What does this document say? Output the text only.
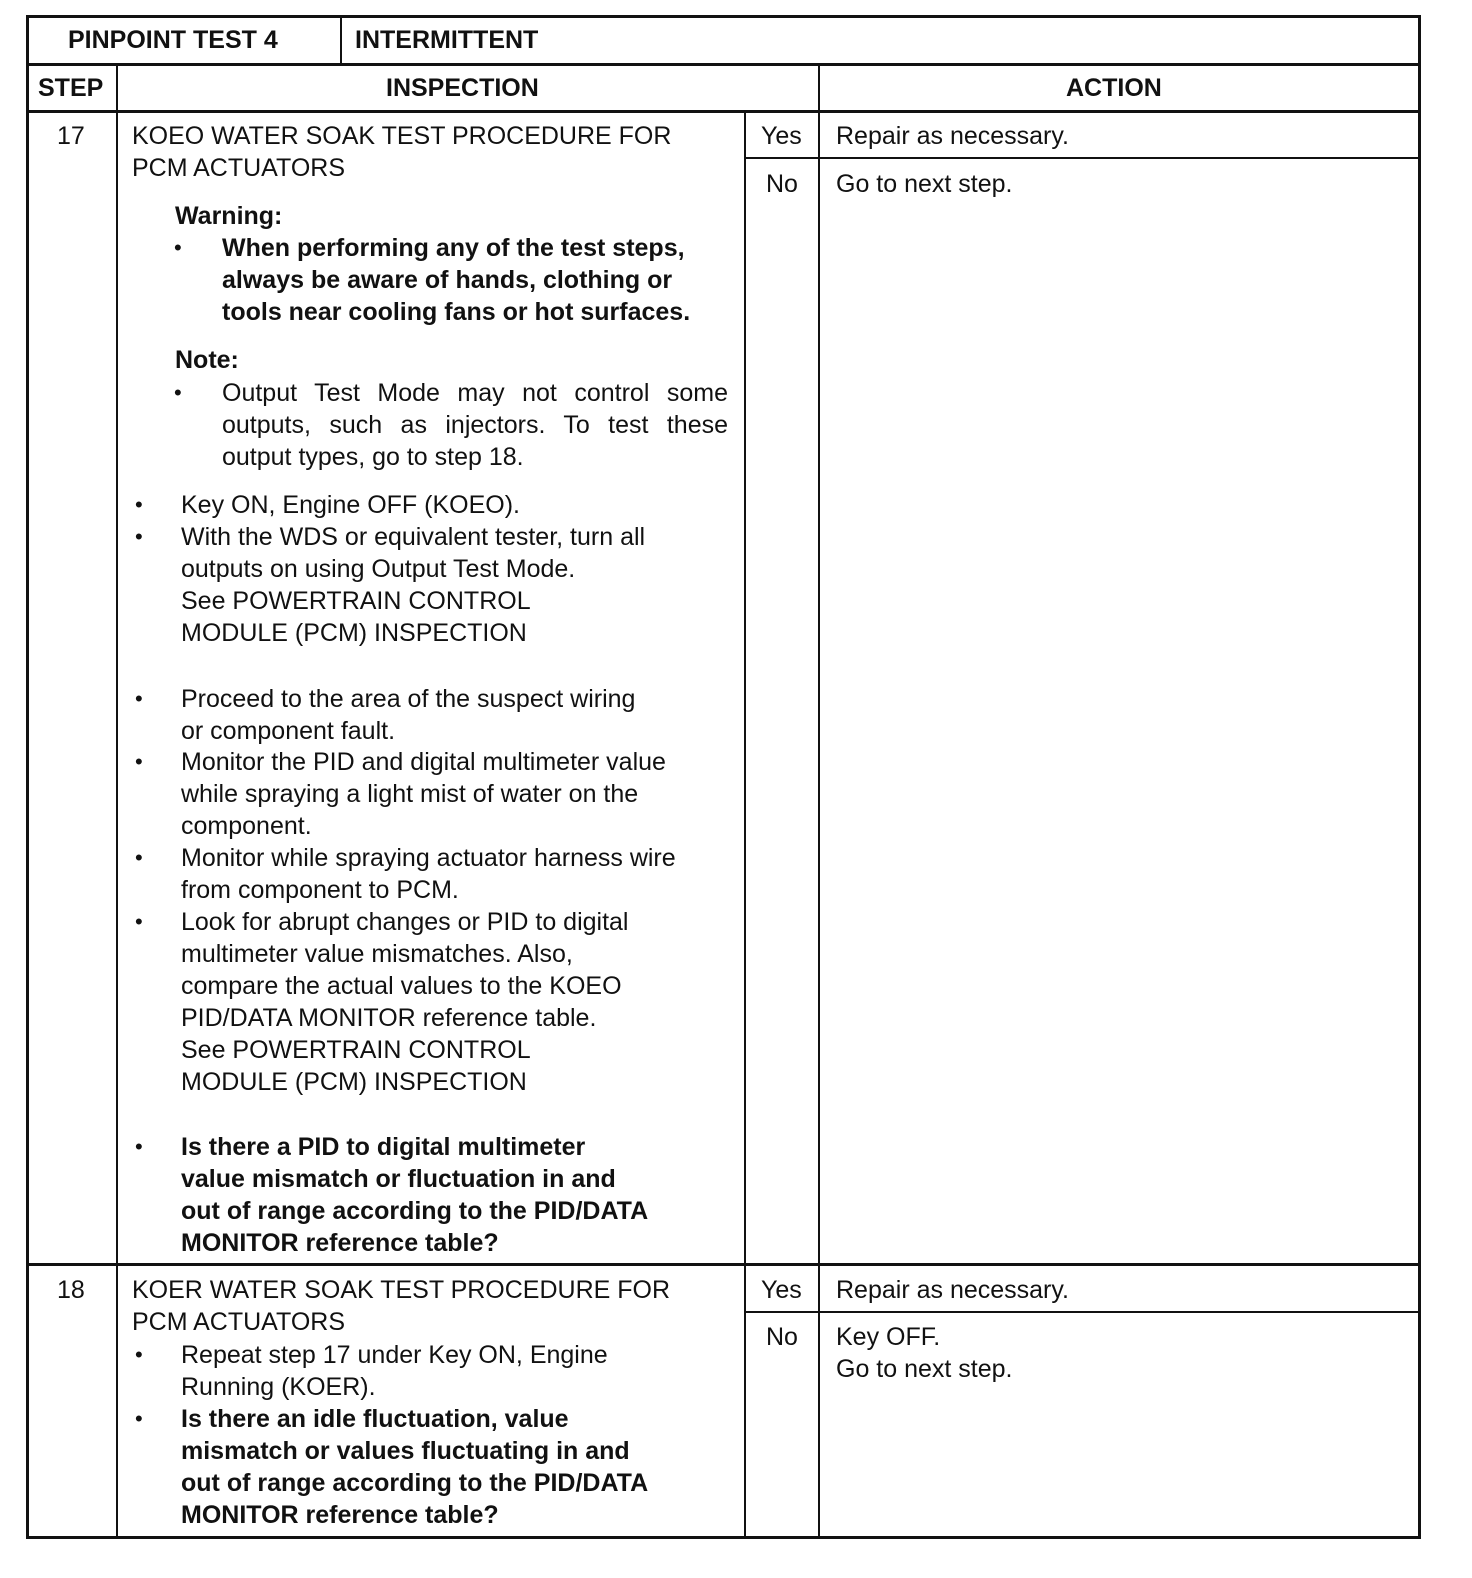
PINPOINT TEST 4	INTERMITTENT
STEP	INSPECTION	ACTION
17 KOEO WATER SOAK TEST PROCEDURE FOR
PCM ACTUATORS
Warning:
• When performing any of the test steps,
always be aware of hands, clothing or
tools near cooling fans or hot surfaces.
Note:
• Output Test Mode may not control some
outputs, such as injectors. To test these
output types, go to step 18.
• Key ON, Engine OFF (KOEO).
• With the WDS or equivalent tester, turn all
outputs on using Output Test Mode.
See POWERTRAIN CONTROL
MODULE (PCM) INSPECTION
• Proceed to the area of the suspect wiring
or component fault.
• Monitor the PID and digital multimeter value
while spraying a light mist of water on the
component.
• Monitor while spraying actuator harness wire
from component to PCM.
• Look for abrupt changes or PID to digital
multimeter value mismatches. Also,
compare the actual values to the KOEO
PID/DATA MONITOR reference table.
See POWERTRAIN CONTROL
MODULE (PCM) INSPECTION
• Is there a PID to digital multimeter
value mismatch or fluctuation in and
out of range according to the PID/DATA
MONITOR reference table?
Yes Repair as necessary.
No Go to next step.
18 KOER WATER SOAK TEST PROCEDURE FOR
PCM ACTUATORS
• Repeat step 17 under Key ON, Engine
Running (KOER).
• Is there an idle fluctuation, value
mismatch or values fluctuating in and
out of range according to the PID/DATA
MONITOR reference table?
Yes Repair as necessary.
No Key OFF.
Go to next step.
